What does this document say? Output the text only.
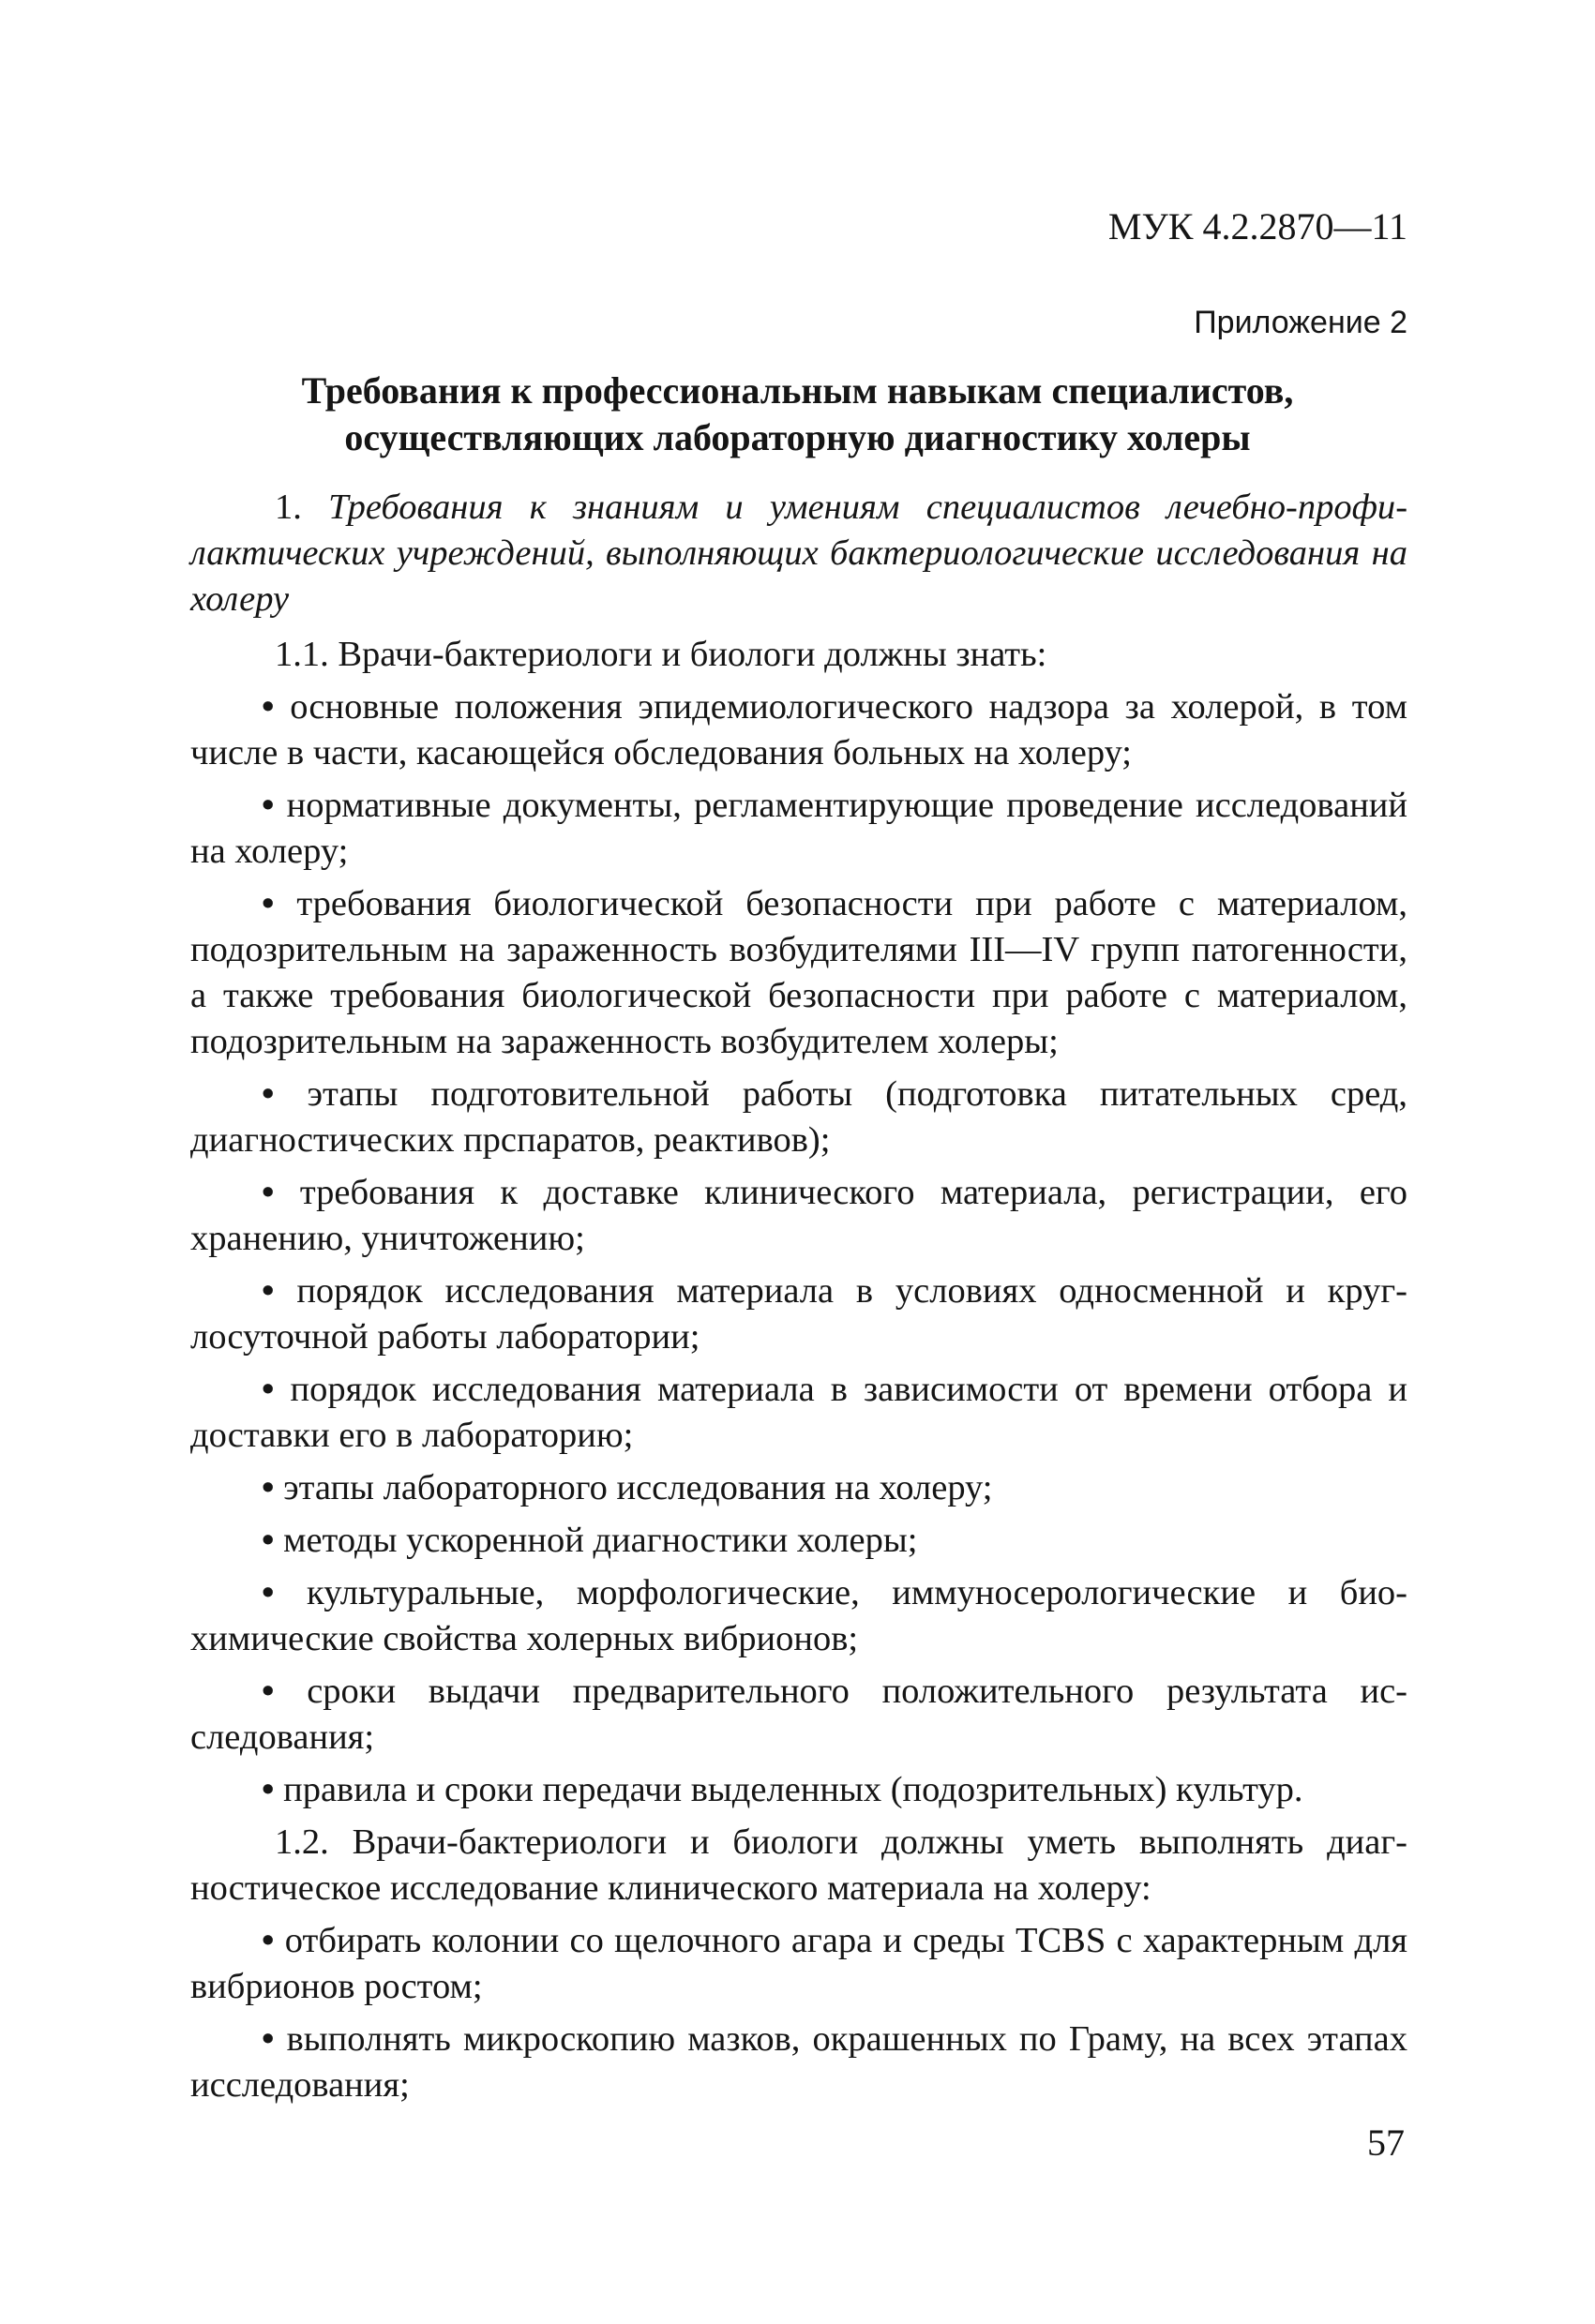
МУК 4.2.2870—11
Приложение 2
Требования к профессиональным навыкам специалистов,
осуществляющих лабораторную диагностику холеры

1. Требования к знаниям и умениям специалистов лечебно-профилактических учреждений, выполняющих бактериологические исследования на холеру

1.1. Врачи-бактериологи и биологи должны знать:

• основные положения эпидемиологического надзора за холерой, в том числе в части, касающейся обследования больных на холеру;

• нормативные документы, регламентирующие проведение исследований на холеру;

• требования биологической безопасности при работе с материалом, подозрительным на зараженность возбудителями III—IV групп патогенности, а также требования биологической безопасности при работе с материалом, подозрительным на зараженность возбудителем холеры;

• этапы подготовительной работы (подготовка питательных сред, диагностических прспаратов, реактивов);

• требования к доставке клинического материала, регистрации, его хранению, уничтожению;

• порядок исследования материала в условиях односменной и круглосуточной работы лаборатории;

• порядок исследования материала в зависимости от времени отбора и доставки его в лабораторию;

• этапы лабораторного исследования на холеру;

• методы ускоренной диагностики холеры;

• культуральные, морфологические, иммуносерологические и биохимические свойства холерных вибрионов;

• сроки выдачи предварительного положительного результата исследования;

• правила и сроки передачи выделенных (подозрительных) культур.

1.2. Врачи-бактериологи и биологи должны уметь выполнять диагностическое исследование клинического материала на холеру:

• отбирать колонии со щелочного агара и среды TCBS с характерным для вибрионов ростом;

• выполнять микроскопию мазков, окрашенных по Граму, на всех этапах исследования;

57
